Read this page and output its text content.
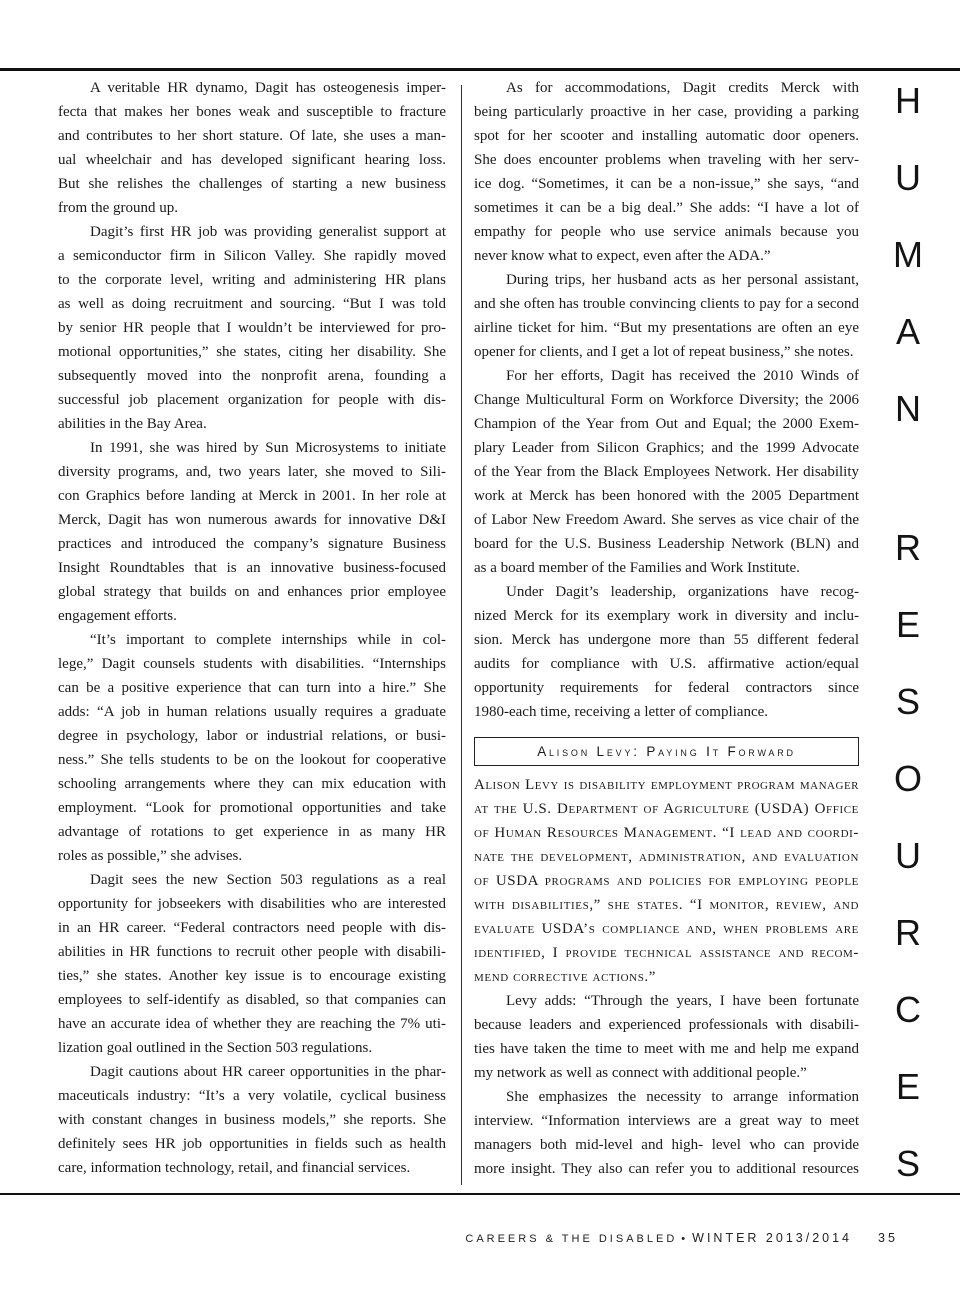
A veritable HR dynamo, Dagit has osteogenesis imper-
fecta that makes her bones weak and susceptible to fracture
and contributes to her short stature. Of late, she uses a man-
ual wheelchair and has developed significant hearing loss.
But she relishes the challenges of starting a new business
from the ground up.
Dagit’s first HR job was providing generalist support at
a semiconductor firm in Silicon Valley. She rapidly moved
to the corporate level, writing and administering HR plans
as well as doing recruitment and sourcing. “But I was told
by senior HR people that I wouldn’t be interviewed for pro-
motional opportunities,” she states, citing her disability. She
subsequently moved into the nonprofit arena, founding a
successful job placement organization for people with dis-
abilities in the Bay Area.
In 1991, she was hired by Sun Microsystems to initiate
diversity programs, and, two years later, she moved to Sili-
con Graphics before landing at Merck in 2001. In her role at
Merck, Dagit has won numerous awards for innovative D&I
practices and introduced the company’s signature Business
Insight Roundtables that is an innovative business-focused
global strategy that builds on and enhances prior employee
engagement efforts.
“It’s important to complete internships while in col-
lege,” Dagit counsels students with disabilities. “Internships
can be a positive experience that can turn into a hire.” She
adds: “A job in human relations usually requires a graduate
degree in psychology, labor or industrial relations, or busi-
ness.” She tells students to be on the lookout for cooperative
schooling arrangements where they can mix education with
employment. “Look for promotional opportunities and take
advantage of rotations to get experience in as many HR
roles as possible,” she advises.
Dagit sees the new Section 503 regulations as a real
opportunity for jobseekers with disabilities who are interested
in an HR career. “Federal contractors need people with dis-
abilities in HR functions to recruit other people with disabili-
ties,” she states. Another key issue is to encourage existing
employees to self-identify as disabled, so that companies can
have an accurate idea of whether they are reaching the 7% uti-
lization goal outlined in the Section 503 regulations.
Dagit cautions about HR career opportunities in the phar-
maceuticals industry: “It’s a very volatile, cyclical business
with constant changes in business models,” she reports. She
definitely sees HR job opportunities in fields such as health
care, information technology, retail, and financial services.
As for accommodations, Dagit credits Merck with
being particularly proactive in her case, providing a parking
spot for her scooter and installing automatic door openers.
She does encounter problems when traveling with her serv-
ice dog. “Sometimes, it can be a non-issue,” she says, “and
sometimes it can be a big deal.” She adds: “I have a lot of
empathy for people who use service animals because you
never know what to expect, even after the ADA.”
During trips, her husband acts as her personal assistant,
and she often has trouble convincing clients to pay for a second
airline ticket for him. “But my presentations are often an eye
opener for clients, and I get a lot of repeat business,” she notes.
For her efforts, Dagit has received the 2010 Winds of
Change Multicultural Form on Workforce Diversity; the 2006
Champion of the Year from Out and Equal; the 2000 Exem-
plary Leader from Silicon Graphics; and the 1999 Advocate
of the Year from the Black Employees Network. Her disability
work at Merck has been honored with the 2005 Department
of Labor New Freedom Award. She serves as vice chair of the
board for the U.S. Business Leadership Network (BLN) and
as a board member of the Families and Work Institute.
Under Dagit’s leadership, organizations have recog-
nized Merck for its exemplary work in diversity and inclu-
sion. Merck has undergone more than 55 different federal
audits for compliance with U.S. affirmative action/equal
opportunity requirements for federal contractors since
1980-each time, receiving a letter of compliance.
Alison Levy: Paying It Forward
Alison Levy is disability employment program manager
at the U.S. Department of Agriculture (USDA) Office
of Human Resources Management. “I lead and coordi-
nate the development, administration, and evaluation
of USDA programs and policies for employing people
with disabilities,” she states. “I monitor, review, and
evaluate USDA’s compliance and, when problems are
identified, I provide technical assistance and recom-
mend corrective actions.”
Levy adds: “Through the years, I have been fortunate
because leaders and experienced professionals with disabili-
ties have taken the time to meet with me and help me expand
my network as well as connect with additional people.”
She emphasizes the necessity to arrange information
interview. “Information interviews are a great way to meet
managers both mid-level and high- level who can provide
more insight. They also can refer you to additional resources
H
U
M
A
N
R
E
S
O
U
R
C
E
S
CAREERS & THE DISABLED • WINTER 2013/2014 35
